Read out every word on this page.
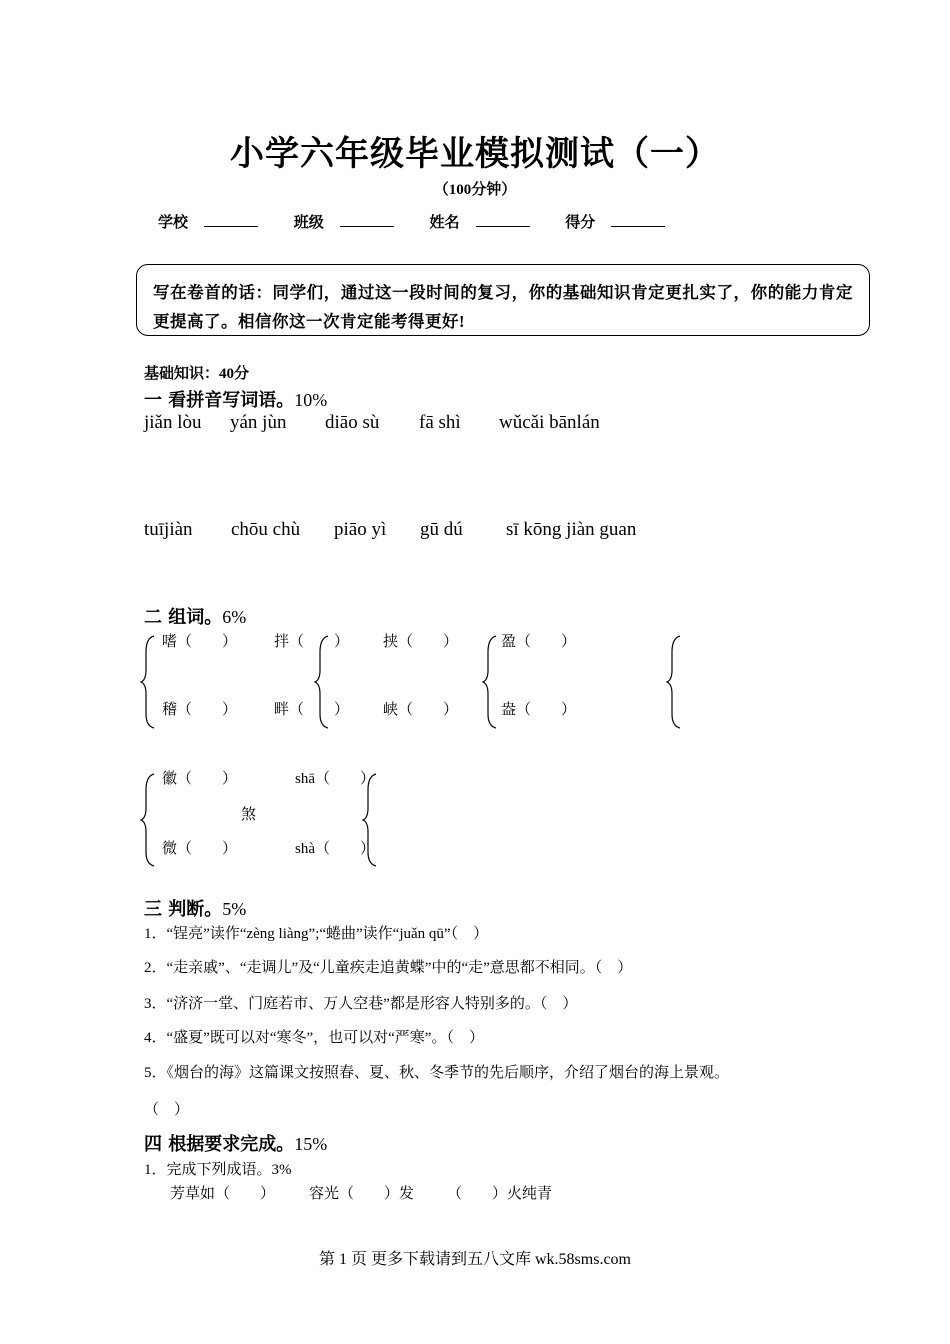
小学六年级毕业模拟测试（一）
（100分钟）
学校	班级	姓名	得分
写在卷首的话：同学们，通过这一段时间的复习，你的基础知识肯定更扎实了，你的能力肯定更提高了。相信你这一次肯定能考得更好!
基础知识：40分
一 看拼音写词语。10%
jiǎn lòu yán jùn diāo sù fā shì wǔcǎi bānlán
tuījiàn chōu chù piāo yì gū dú sī kōng jiàn guan
二 组词。6%
嗜（　　） 拌（　　） 挟（　　）	盈（　　）
稽（　　） 畔（　　） 峡（　　）	盎（　　）
徽（　　）	shā（　　）
煞
微（　　）	shà（　　）
三 判断。5%
1．“锃亮”读作“zèng liàng”;“蜷曲”读作“juǎn qū”（　）
2．“走亲戚”、“走调儿”及“儿童疾走追黄蝶”中的“走”意思都不相同。（　）
3．“济济一堂、门庭若市、万人空巷”都是形容人特别多的。（　）
4．“盛夏”既可以对“寒冬”，也可以对“严寒”。（　）
5．《烟台的海》这篇课文按照春、夏、秋、冬季节的先后顺序，介绍了烟台的海上景观。
（　）
四 根据要求完成。15%
1．完成下列成语。3%
芳草如（　　） 容光（　　）发 （　　）火纯青
第 1 页 更多下载请到五八文库 wk.58sms.com
